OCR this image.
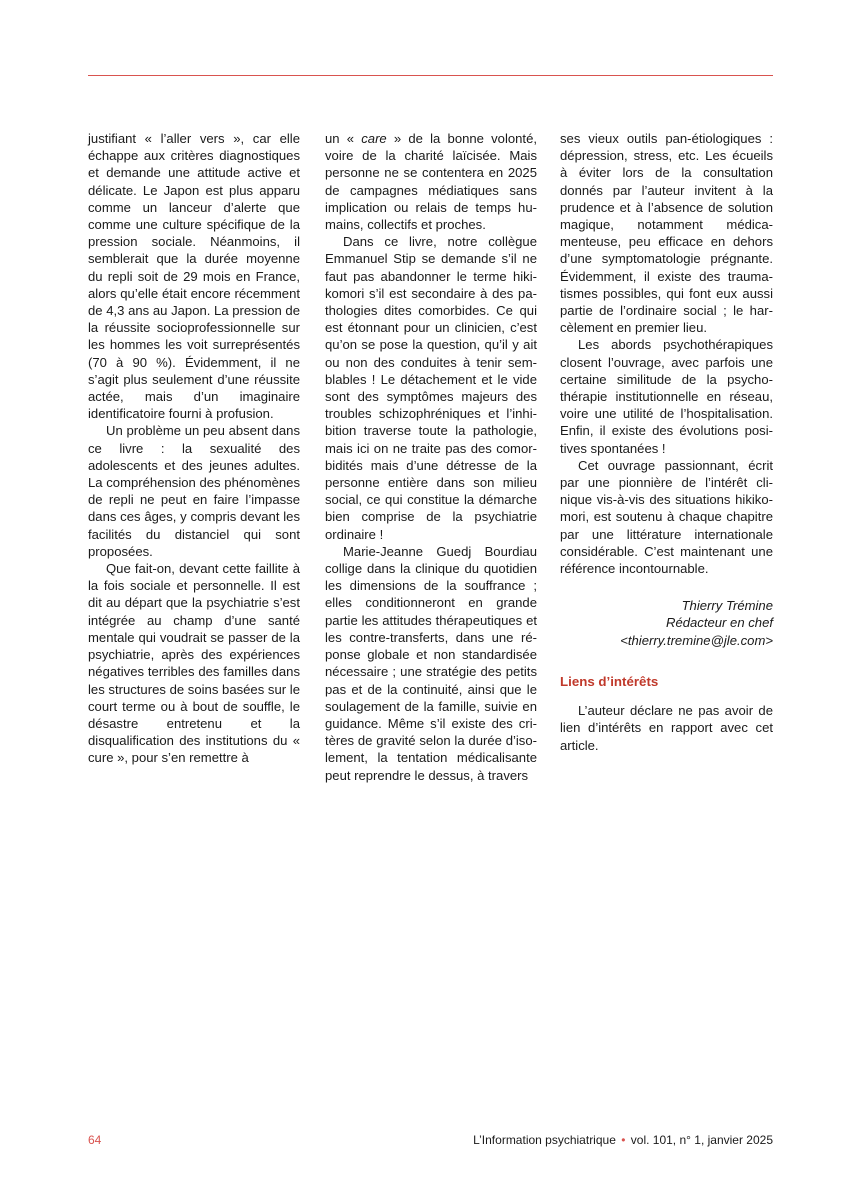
justifiant « l’aller vers », car elle échappe aux critères diagnostiques et demande une attitude active et délicate. Le Japon est plus apparu comme un lanceur d’alerte que comme une culture spécifique de la pression sociale. Néanmoins, il semblerait que la durée moyenne du repli soit de 29 mois en France, alors qu’elle était encore récemment de 4,3 ans au Japon. La pression de la réussite socioprofessionnelle sur les hommes les voit surreprésentés (70 à 90 %). Évidemment, il ne s’agit plus seulement d’une réussite actée, mais d’un imaginaire identificatoire fourni à profusion.

Un problème un peu absent dans ce livre : la sexualité des adolescents et des jeunes adultes. La compréhension des phénomènes de repli ne peut en faire l’impasse dans ces âges, y compris devant les facilités du distanciel qui sont proposées.

Que fait-on, devant cette faillite à la fois sociale et personnelle. Il est dit au départ que la psychiatrie s’est intégrée au champ d’une santé mentale qui voudrait se passer de la psychiatrie, après des expériences négatives terribles des familles dans les structures de soins basées sur le court terme ou à bout de souffle, le désastre entretenu et la disqualification des institutions du « cure », pour s’en remettre à

un « care » de la bonne volonté, voire de la charité laïcisée. Mais personne ne se contentera en 2025 de campagnes médiatiques sans implication ou relais de temps humains, collectifs et proches.

Dans ce livre, notre collègue Emmanuel Stip se demande s’il ne faut pas abandonner le terme hikikomori s’il est secondaire à des pathologies dites comorbides. Ce qui est étonnant pour un clinicien, c’est qu’on se pose la question, qu’il y ait ou non des conduites à tenir semblables ! Le détachement et le vide sont des symptômes majeurs des troubles schizophréniques et l’inhibition traverse toute la pathologie, mais ici on ne traite pas des comorbidités mais d’une détresse de la personne entière dans son milieu social, ce qui constitue la démarche bien comprise de la psychiatrie ordinaire !

Marie-Jeanne Guedj Bourdiau collige dans la clinique du quotidien les dimensions de la souffrance ; elles conditionneront en grande partie les attitudes thérapeutiques et les contre-transferts, dans une réponse globale et non standardisée nécessaire ; une stratégie des petits pas et de la continuité, ainsi que le soulagement de la famille, suivie en guidance. Même s’il existe des critères de gravité selon la durée d’isolement, la tentation médicalisante peut reprendre le dessus, à travers

ses vieux outils pan-étiologiques : dépression, stress, etc. Les écueils à éviter lors de la consultation donnés par l’auteur invitent à la prudence et à l’absence de solution magique, notamment médicamenteuse, peu efficace en dehors d’une symptomatologie prégnante. Évidemment, il existe des traumatismes possibles, qui font eux aussi partie de l’ordinaire social ; le harcèlement en premier lieu.

Les abords psychothérapiques closent l’ouvrage, avec parfois une certaine similitude de la psychothérapie institutionnelle en réseau, voire une utilité de l’hospitalisation. Enfin, il existe des évolutions positives spontanées !

Cet ouvrage passionnant, écrit par une pionnière de l’intérêt clinique vis-à-vis des situations hikikomori, est soutenu à chaque chapitre par une littérature internationale considérable. C’est maintenant une référence incontournable.

Thierry Trémine
Rédacteur en chef
<thierry.tremine@jle.com>
Liens d’intérêts

L’auteur déclare ne pas avoir de lien d’intérêts en rapport avec cet article.

64	L’Information psychiatrique • vol. 101, n° 1, janvier 2025
